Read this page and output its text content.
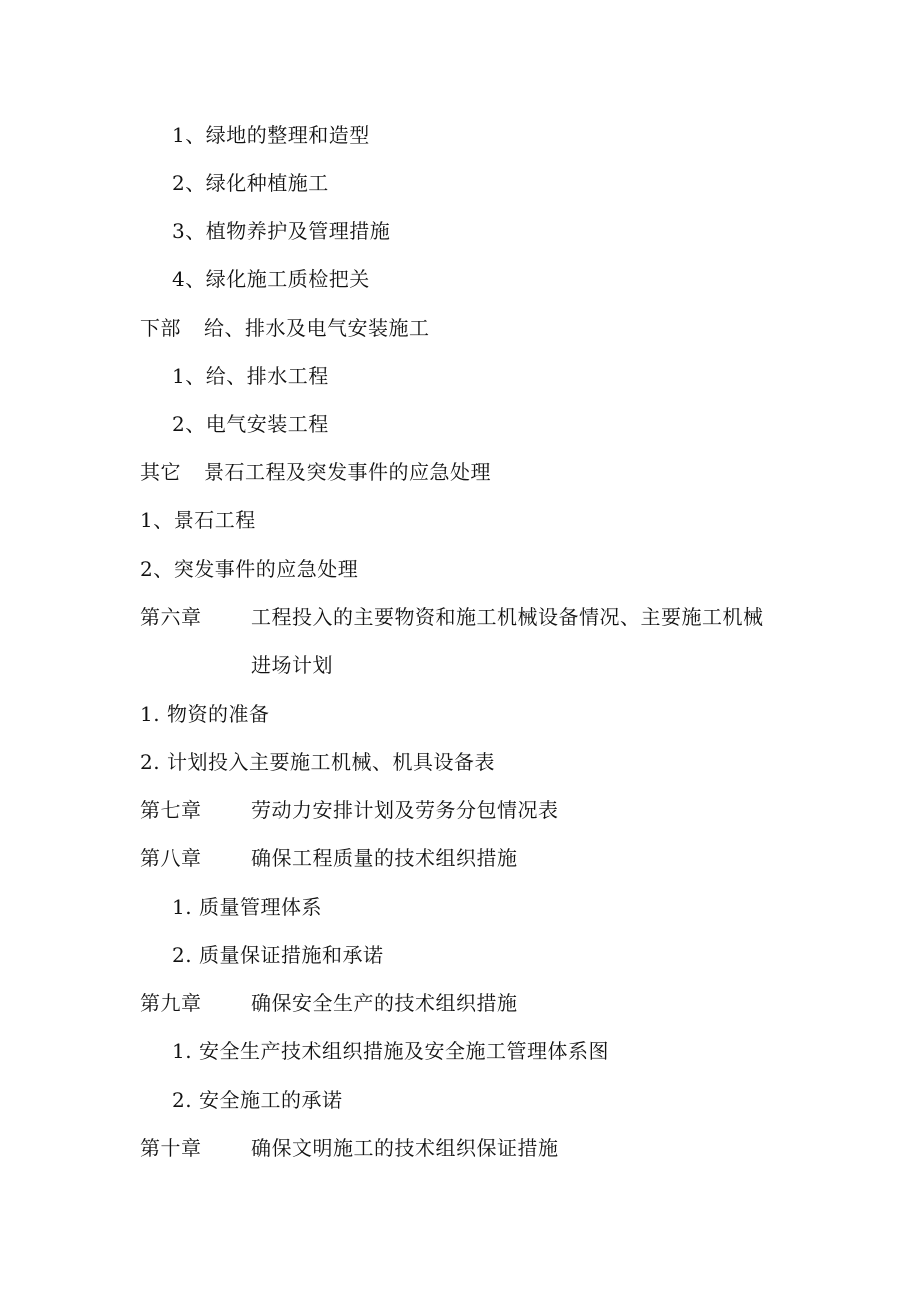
1、绿地的整理和造型
2、绿化种植施工
3、植物养护及管理措施
4、绿化施工质检把关
下部 给、排水及电气安装施工
1、给、排水工程
2、电气安装工程
其它 景石工程及突发事件的应急处理
1、景石工程
2、突发事件的应急处理
第六章 工程投入的主要物资和施工机械设备情况、主要施工机械
进场计划
1. 物资的准备
2. 计划投入主要施工机械、机具设备表
第七章 劳动力安排计划及劳务分包情况表
第八章 确保工程质量的技术组织措施
1. 质量管理体系
2. 质量保证措施和承诺
第九章 确保安全生产的技术组织措施
1. 安全生产技术组织措施及安全施工管理体系图
2. 安全施工的承诺
第十章 确保文明施工的技术组织保证措施
